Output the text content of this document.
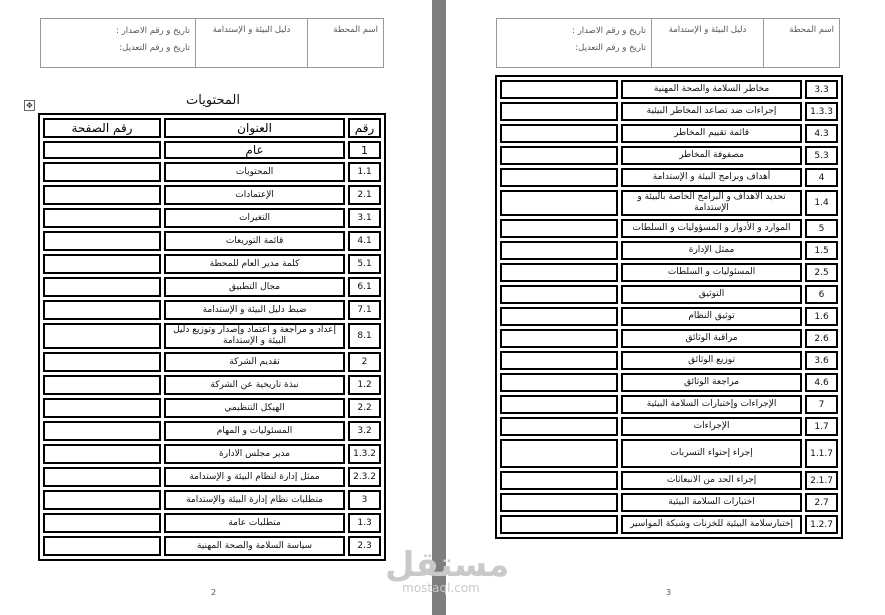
اسم المحطة
دليل البيئة و الإستدامة
تاريخ و رقم الاصدار :
تاريخ و رقم التعديل:
✥	المحتويات
رقم	العنوان	رقم الصفحة
1	عام	
1.1	المحتويات	
2.1	الإعتمادات	
3.1	التغيرات	
4.1	قائمة التوريعات	
5.1	كلمة مدير العام للمحطة	
6.1	مجال التطبيق	
7.1	ضبط دليل البيئة و الإستدامة	
8.1	إعداد و مراجعة و اعتماد وإصدار وتوزيع دليل البيئة و الإستدامة	
2	تقديم الشركة	
1.2	نبذة تاريخية عن الشركة	
2.2	الهيكل التنظيمي	
3.2	المسئوليات و المهام	
1.3.2	مدير مجلس الادارة	
2.3.2	ممثل إدارة لنظام البيئة و الإستدامة	
3	متطلبات نظام إدارة البيئة والإستدامة	
1.3	متطلبات عامة	
2.3	سياسة السلامة والصحة المهنية	
2
اسم المحطة
دليل البيئة و الإستدامة
تاريخ و رقم الاصدار :
تاريخ و رقم التعديل:
3.3	مخاطر السلامة والصحة المهنية	
1.3.3	إجراءات ضد تصاعد المخاطر البيئية	
4.3	قائمة تقييم المخاطر	
5.3	مصفوفة المخاطر	
4	أهداف وبرامج البيئة و الإستدامة	
1.4	تحديد الأهداف و البرامج الخاصة بالبيئة و الإستدامة	
5	الموارد و الأدوار و المسؤوليات و السلطات	
1.5	ممثل الإدارة	
2.5	المسئوليات و السلطات	
6	التوثيق	
1.6	توثيق النظام	
2.6	مراقبة الوثائق	
3.6	توزيع الوثائق	
4.6	مراجعة الوثائق	
7	الإجراءات وإختبارات السلامة البيئية	
1.7	الإجراءات	
1.1.7	إجراء إحتواء التسربات	
2.1.7	إجراء الحد من الانبعاثات	
2.7	اختبارات السلامة البيئية	
1.2.7	إختبارسلامة البيئية للخزنات وشبكة المواسير	
3
مستقل
mostaql.com
